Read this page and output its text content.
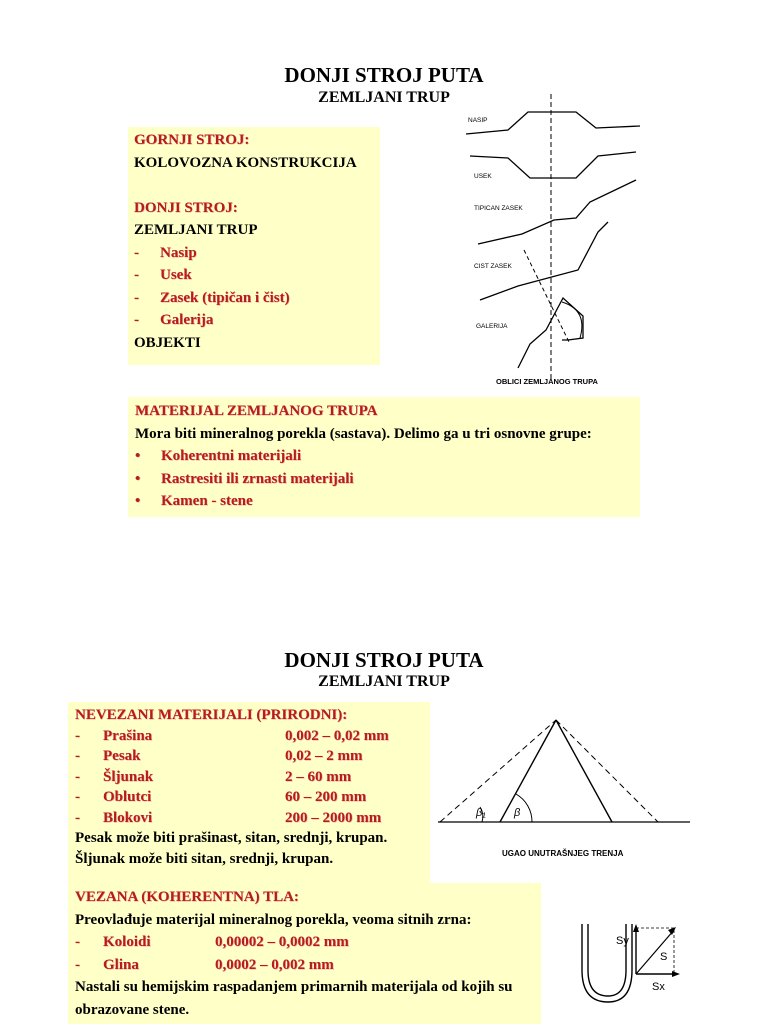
DONJI STROJ PUTA
ZEMLJANI TRUP
GORNJI STROJ:
KOLOVOZNA KONSTRUKCIJA
DONJI STROJ:
ZEMLJANI TRUP
- Nasip
- Usek
- Zasek (tipičan i čist)
- Galerija
OBJEKTI
NASIP
USEK
TIPICAN ZASEK
CIST ZASEK
GALERIJA
OBLICI ZEMLJANOG TRUPA
MATERIJAL ZEMLJANOG TRUPA
Mora biti mineralnog porekla (sastava). Delimo ga u tri osnovne grupe:
• Koherentni materijali
• Rastresiti ili zrnasti materijali
• Kamen - stene
DONJI STROJ PUTA
ZEMLJANI TRUP
NEVEZANI MATERIJALI (PRIRODNI):
- Prašina	0,002 – 0,02 mm
- Pesak	0,02 – 2 mm
- Šljunak	2 – 60 mm
- Oblutci	60 – 200 mm
- Blokovi	200 – 2000 mm
Pesak može biti prašinast, sitan, srednji, krupan.
Šljunak može biti sitan, srednji, krupan.
β₁	β
UGAO UNUTRAŠNJEG TRENJA
VEZANA (KOHERENTNA) TLA:
Preovlađuje materijal mineralnog porekla, veoma sitnih zrna:
- Koloidi	0,00002 – 0,0002 mm
- Glina	0,0002 – 0,002 mm
Nastali su hemijskim raspadanjem primarnih materijala od kojih su
obrazovane stene.
Sy
S
Sx
